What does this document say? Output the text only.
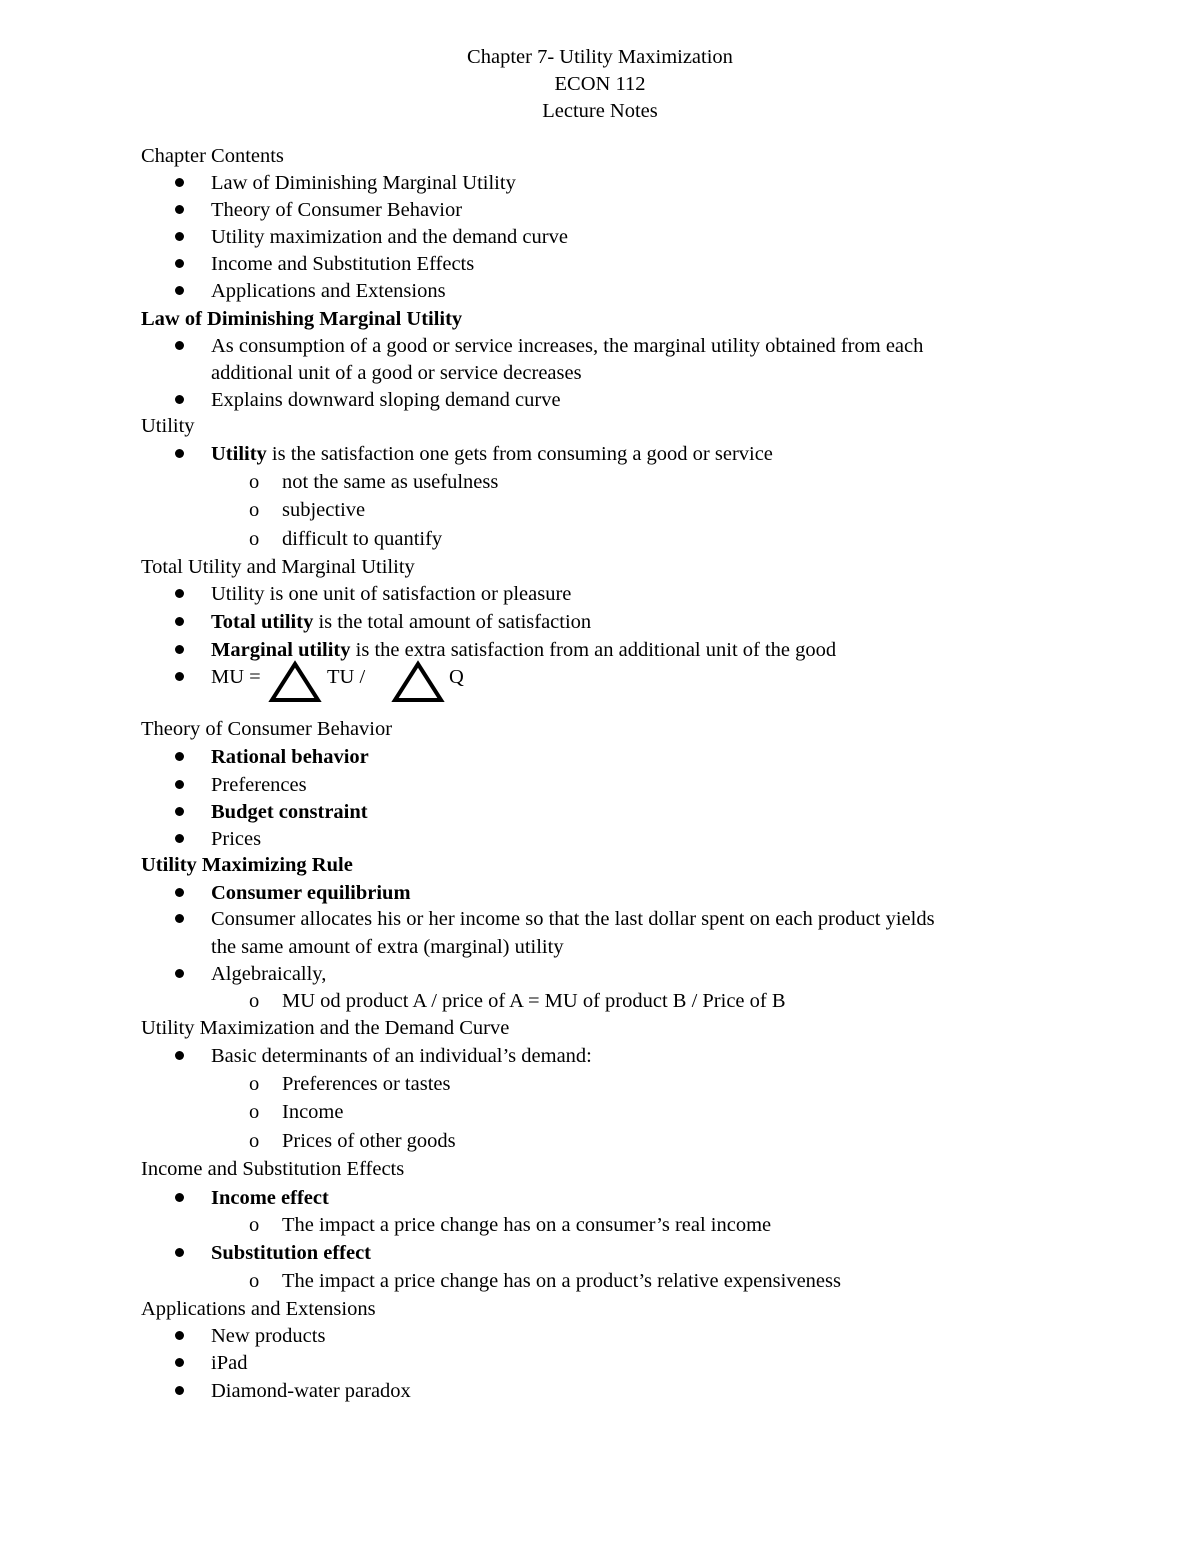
Chapter 7- Utility Maximization
ECON 112
Lecture Notes
Chapter Contents
Law of Diminishing Marginal Utility
Theory of Consumer Behavior
Utility maximization and the demand curve
Income and Substitution Effects
Applications and Extensions
Law of Diminishing Marginal Utility
As consumption of a good or service increases, the marginal utility obtained from each
additional unit of a good or service decreases
Explains downward sloping demand curve
Utility
Utility is the satisfaction one gets from consuming a good or service
o not the same as usefulness
o subjective
o difficult to quantify
Total Utility and Marginal Utility
Utility is one unit of satisfaction or pleasure
Total utility is the total amount of satisfaction
Marginal utility is the extra satisfaction from an additional unit of the good
MU =	TU /	Q
Theory of Consumer Behavior
Rational behavior
Preferences
Budget constraint
Prices
Utility Maximizing Rule
Consumer equilibrium
Consumer allocates his or her income so that the last dollar spent on each product yields
the same amount of extra (marginal) utility
Algebraically,
o MU od product A / price of A = MU of product B / Price of B
Utility Maximization and the Demand Curve
Basic determinants of an individual’s demand:
o Preferences or tastes
o Income
o Prices of other goods
Income and Substitution Effects
Income effect
o The impact a price change has on a consumer’s real income
Substitution effect
o The impact a price change has on a product’s relative expensiveness
Applications and Extensions
New products
iPad
Diamond-water paradox
